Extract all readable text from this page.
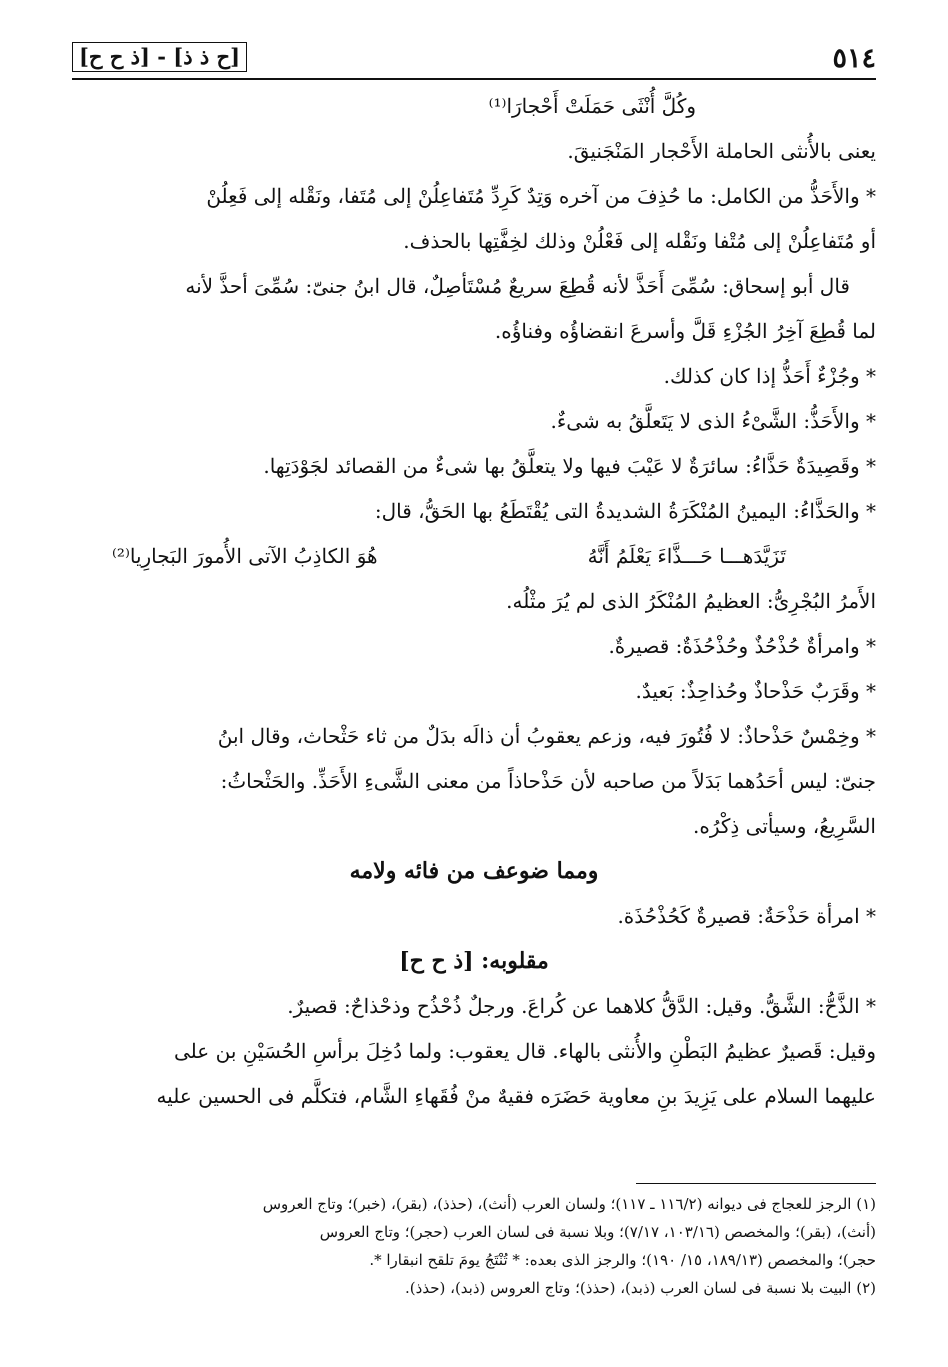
٥١٤
[ح ذ ذ] - [ذ ح ح]
وكُلَّ أُنْثَى حَمَلَتْ أَحْجارَا⁽¹⁾
يعنى بالأُنثى الحاملة الأَحْجار المَنْجَنيقَ.
* والأَحَذُّ من الكامل: ما حُذِفَ من آخره وَتِدٌ كَرِدِّ مُتَفاعِلُنْ إلى مُتَفا، ونَقْله إلى فَعِلُنْ
أو مُتَفاعِلُنْ إلى مُتْفا ونَقْله إلى فَعْلُنْ وذلك لخِفَّتِها بالحذف.
قال أبو إسحاق: سُمِّىَ أَحَذَّ لأنه قُطِعَ سريعٌ مُسْتَأصِلٌ، قال ابنُ جنىّ: سُمِّىَ أحذَّ لأنه
لما قُطِعَ آخِرُ الجُزْءِ قَلَّ وأسرعَ انقضاؤُه وفناؤُه.
* وجُزْءٌ أَحَذُّ إذا كان كذلك.
* والأَحَذُّ: الشَّىْءُ الذى لا يَتَعلَّقُ به شىءٌ.
* وقَصِيدَةٌ حَذَّاءُ: سائرَةٌ لا عَيْبَ فيها ولا يتعلَّقُ بها شىءٌ من القصائد لجَوْدَتِها.
* والحَذَّاءُ: اليمينُ المُنْكَرَةُ الشديدةُ التى يُقْتَطَعُ بها الحَقُّ، قال:
تَزَيَّدَهـــا حَـــذَّاءَ يَعْلَمُ أَنَّهُ
هُوَ الكاذِبُ الآتى الأُمورَ البَجارِيا⁽²⁾
الأَمرُ البُجْرِىُّ: العظيمُ المُنْكَرُ الذى لم يُرَ مثْلُه.
* وامرأةٌ حُذْحُذٌ وحُذْحُذَةٌ: قصيرةٌ.
* وقَرَبٌ حَذْحاذٌ وحُذاحِذٌ: بَعيدٌ.
* وخِمْسٌ حَذْحاذٌ: لا فُتُورَ فيه، وزعم يعقوبُ أن ذالَه بدَلٌ من ثاء حَثْحاث، وقال ابنُ
جنىّ: ليس أحَدُهما بَدَلاً من صاحبه لأن حَذْحاذاً من معنى الشَّىءِ الأَحَذِّ. والحَثْحاثُ:
السَّرِيعُ، وسيأتى ذِكْرُه.
ومما ضوعف من فائه ولامه
* امرأة حَذْحَةٌ: قصيرةٌ كَحُذْحُذَة.
مقلوبه: [ذ ح ح]
* الذَّحُّ: الشَّقُّ. وقيل: الدَّقُّ كلاهما عن كُراعَ. ورجلٌ ذُحْذُح وذحْذاحٌ: قصيرٌ.
وقيل: قَصيرٌ عظيمُ البَطْنِ والأُنثى بالهاء. قال يعقوب: ولما دُخِلَ برأسِ الحُسَيْنِ بن على
عليهما السلام على يَزِيدَ بنِ معاوية حَضَرَه فقيهٌ منْ فُقَهاءِ الشَّام، فتكلَّم فى الحسين عليه
(١) الرجز للعجاج فى ديوانه (١١٦/٢ ـ ١١٧)؛ ولسان العرب (أنث)، (حذذ)، (بقر)، (خبر)؛ وتاج العروس
(أنث)، (بقر)؛ والمخصص (١٠٣/١٦، ٧/١٧)؛ وبلا نسبة فى لسان العرب (حجر)؛ وتاج العروس
حجر)؛ والمخصص (١٨٩/١٣، ١٥/ ١٩٠)؛ والرجز الذى بعده: * تُنْتَجُ يومَ تلقح انبقارا *.
(٢) البيت بلا نسبة فى لسان العرب (ذبد)، (حذذ)؛ وتاج العروس (ذبد)، (حذذ).
